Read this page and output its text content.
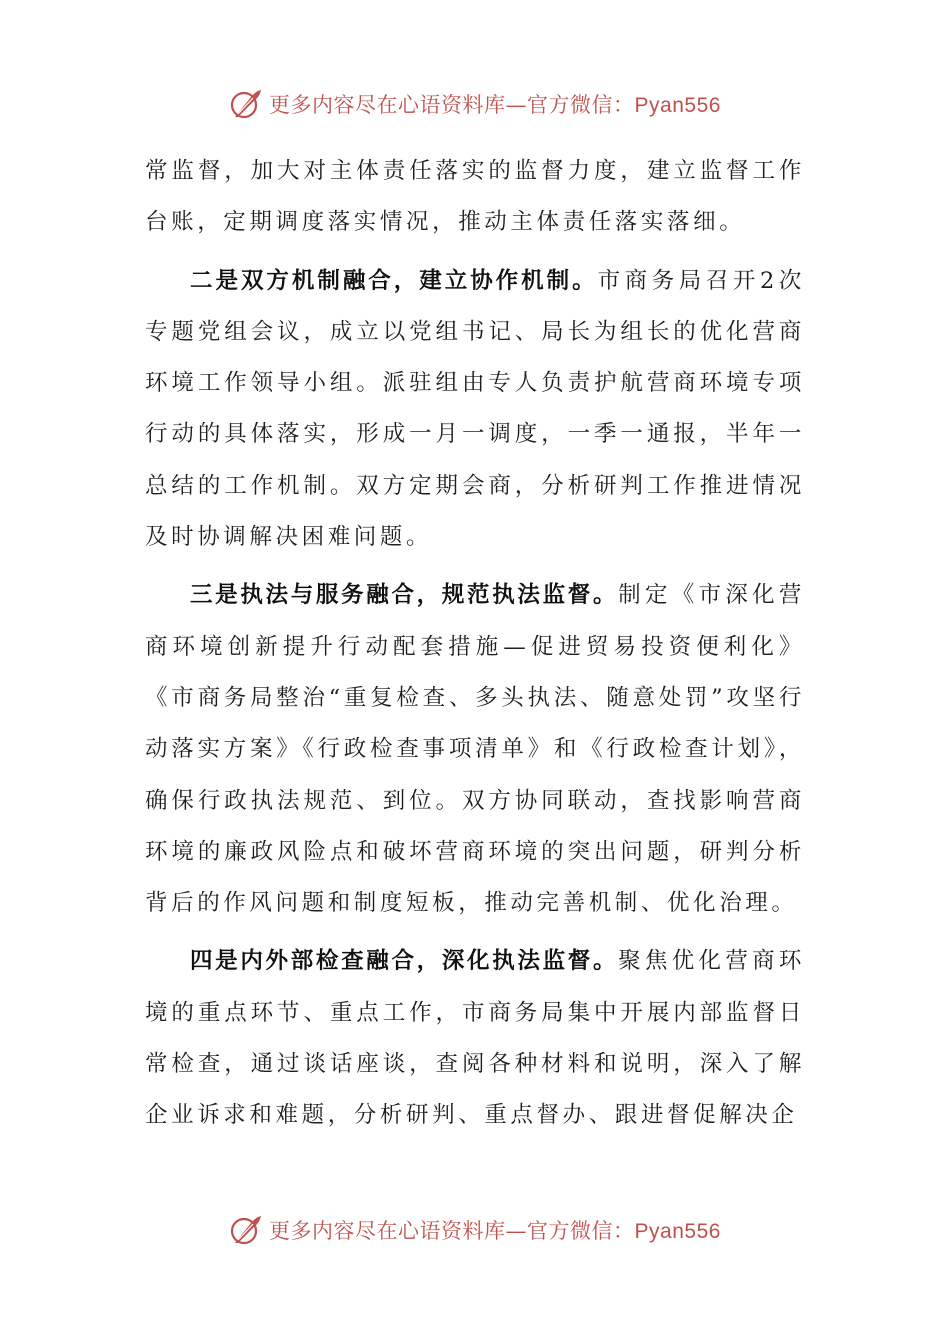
更多内容尽在心语资料库—官方微信：Pyan556

常监督，加大对主体责任落实的监督力度，建立监督工作台账，定期调度落实情况，推动主体责任落实落细。

二是双方机制融合，建立协作机制。市商务局召开2次专题党组会议，成立以党组书记、局长为组长的优化营商环境工作领导小组。派驻组由专人负责护航营商环境专项行动的具体落实，形成一月一调度，一季一通报，半年一总结的工作机制。双方定期会商，分析研判工作推进情况及时协调解决困难问题。

三是执法与服务融合，规范执法监督。制定《市深化营商环境创新提升行动配套措施—促进贸易投资便利化》《市商务局整治“重复检查、多头执法、随意处罚”攻坚行动落实方案》《行政检查事项清单》和《行政检查计划》，确保行政执法规范、到位。双方协同联动，查找影响营商环境的廉政风险点和破坏营商环境的突出问题，研判分析背后的作风问题和制度短板，推动完善机制、优化治理。

四是内外部检查融合，深化执法监督。聚焦优化营商环境的重点环节、重点工作，市商务局集中开展内部监督日常检查，通过谈话座谈，查阅各种材料和说明，深入了解企业诉求和难题，分析研判、重点督办、跟进督促解决企

更多内容尽在心语资料库—官方微信：Pyan556
